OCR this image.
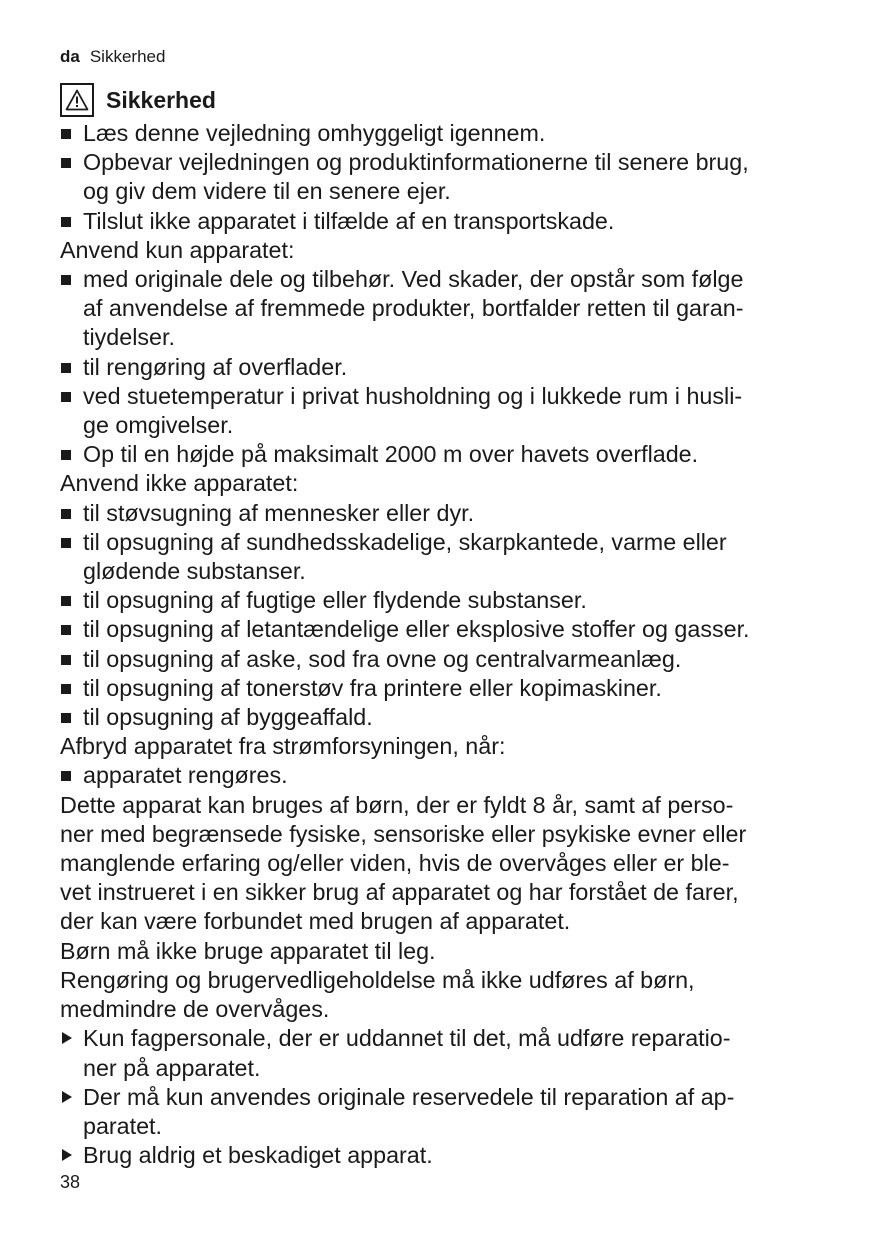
da Sikkerhed
Sikkerhed
Læs denne vejledning omhyggeligt igennem.
Opbevar vejledningen og produktinformationerne til senere brug,
og giv dem videre til en senere ejer.
Tilslut ikke apparatet i tilfælde af en transportskade.

Anvend kun apparatet:

med originale dele og tilbehør. Ved skader, der opstår som følge
af anvendelse af fremmede produkter, bortfalder retten til garan-
tiydelser.
til rengøring af overflader.
ved stuetemperatur i privat husholdning og i lukkede rum i husli-
ge omgivelser.
Op til en højde på maksimalt 2000 m over havets overflade.

Anvend ikke apparatet:

til støvsugning af mennesker eller dyr.
til opsugning af sundhedsskadelige, skarpkantede, varme eller
glødende substanser.
til opsugning af fugtige eller flydende substanser.
til opsugning af letantændelige eller eksplosive stoffer og gasser.
til opsugning af aske, sod fra ovne og centralvarmeanlæg.
til opsugning af tonerstøv fra printere eller kopimaskiner.
til opsugning af byggeaffald.

Afbryd apparatet fra strømforsyningen, når:

apparatet rengøres.
Dette apparat kan bruges af børn, der er fyldt 8 år, samt af perso-
ner med begrænsede fysiske, sensoriske eller psykiske evner eller
manglende erfaring og/eller viden, hvis de overvåges eller er ble-
vet instrueret i en sikker brug af apparatet og har forstået de farer,
der kan være forbundet med brugen af apparatet.
Børn må ikke bruge apparatet til leg.
Rengøring og brugervedligeholdelse må ikke udføres af børn,
medmindre de overvåges.
Kun fagpersonale, der er uddannet til det, må udføre reparatio-
ner på apparatet.
Der må kun anvendes originale reservedele til reparation af ap-
paratet.
Brug aldrig et beskadiget apparat.
38
